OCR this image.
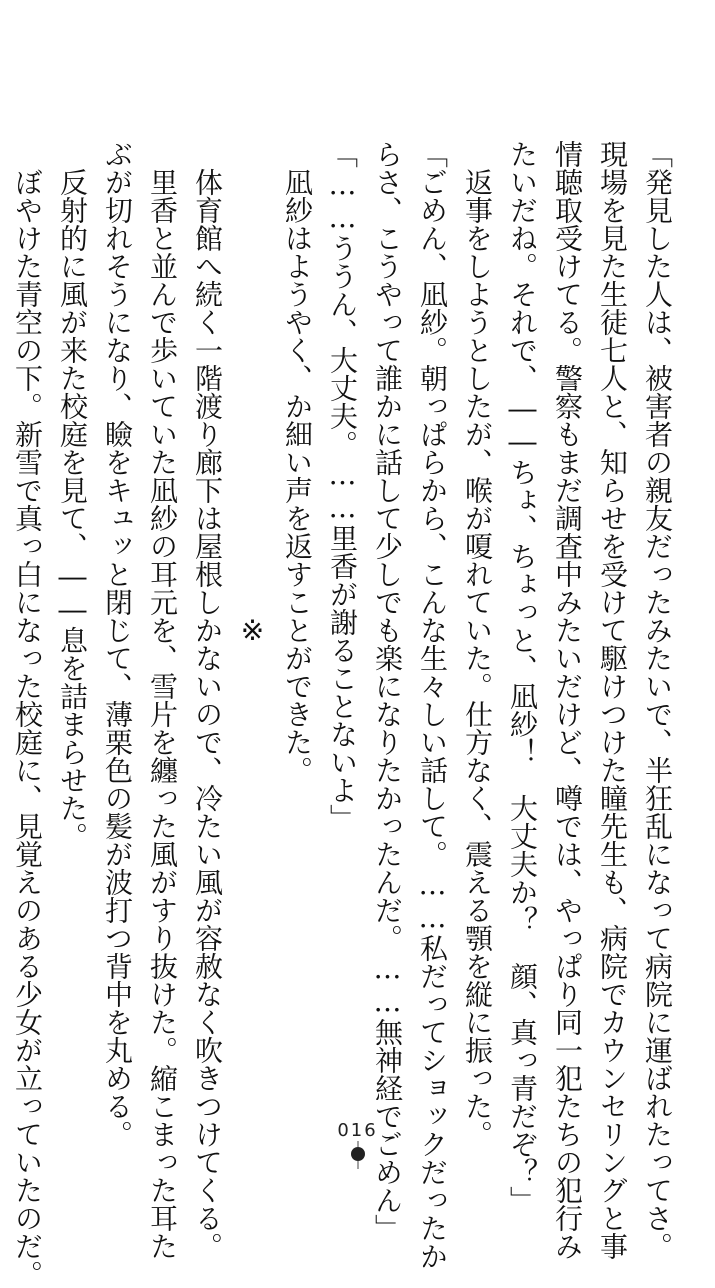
「発見した人は、被害者の親友だったみたいで、半狂乱になって病院に運ばれたってさ。

現場を見た生徒七人と、知らせを受けて駆けつけた瞳先生も、病院でカウンセリングと事

情聴取受けてる。警察もまだ調査中みたいだけど、噂では、やっぱり同一犯たちの犯行み

たいだね。それで、――ちょ、ちょっと、凪紗！　大丈夫か？　顔、真っ青だぞ？」

　返事をしようとしたが、喉が嗄れていた。仕方なく、震える顎を縦に振った。

「ごめん、凪紗。朝っぱらから、こんな生々しい話して。……私だってショックだったか

らさ、こうやって誰かに話して少しでも楽になりたかったんだ。……無神経でごめん」

「……ううん、大丈夫。……里香が謝ることないよ」

　凪紗はようやく、か細い声を返すことができた。

※

　体育館へ続く一階渡り廊下は屋根しかないので、冷たい風が容赦なく吹きつけてくる。

　里香と並んで歩いていた凪紗の耳元を、雪片を纏った風がすり抜けた。縮こまった耳た

ぶが切れそうになり、瞼をキュッと閉じて、薄栗色の髪が波打つ背中を丸める。

　反射的に風が来た校庭を見て、――息を詰まらせた。

　ぼやけた青空の下。新雪で真っ白になった校庭に、見覚えのある少女が立っていたのだ。	016
